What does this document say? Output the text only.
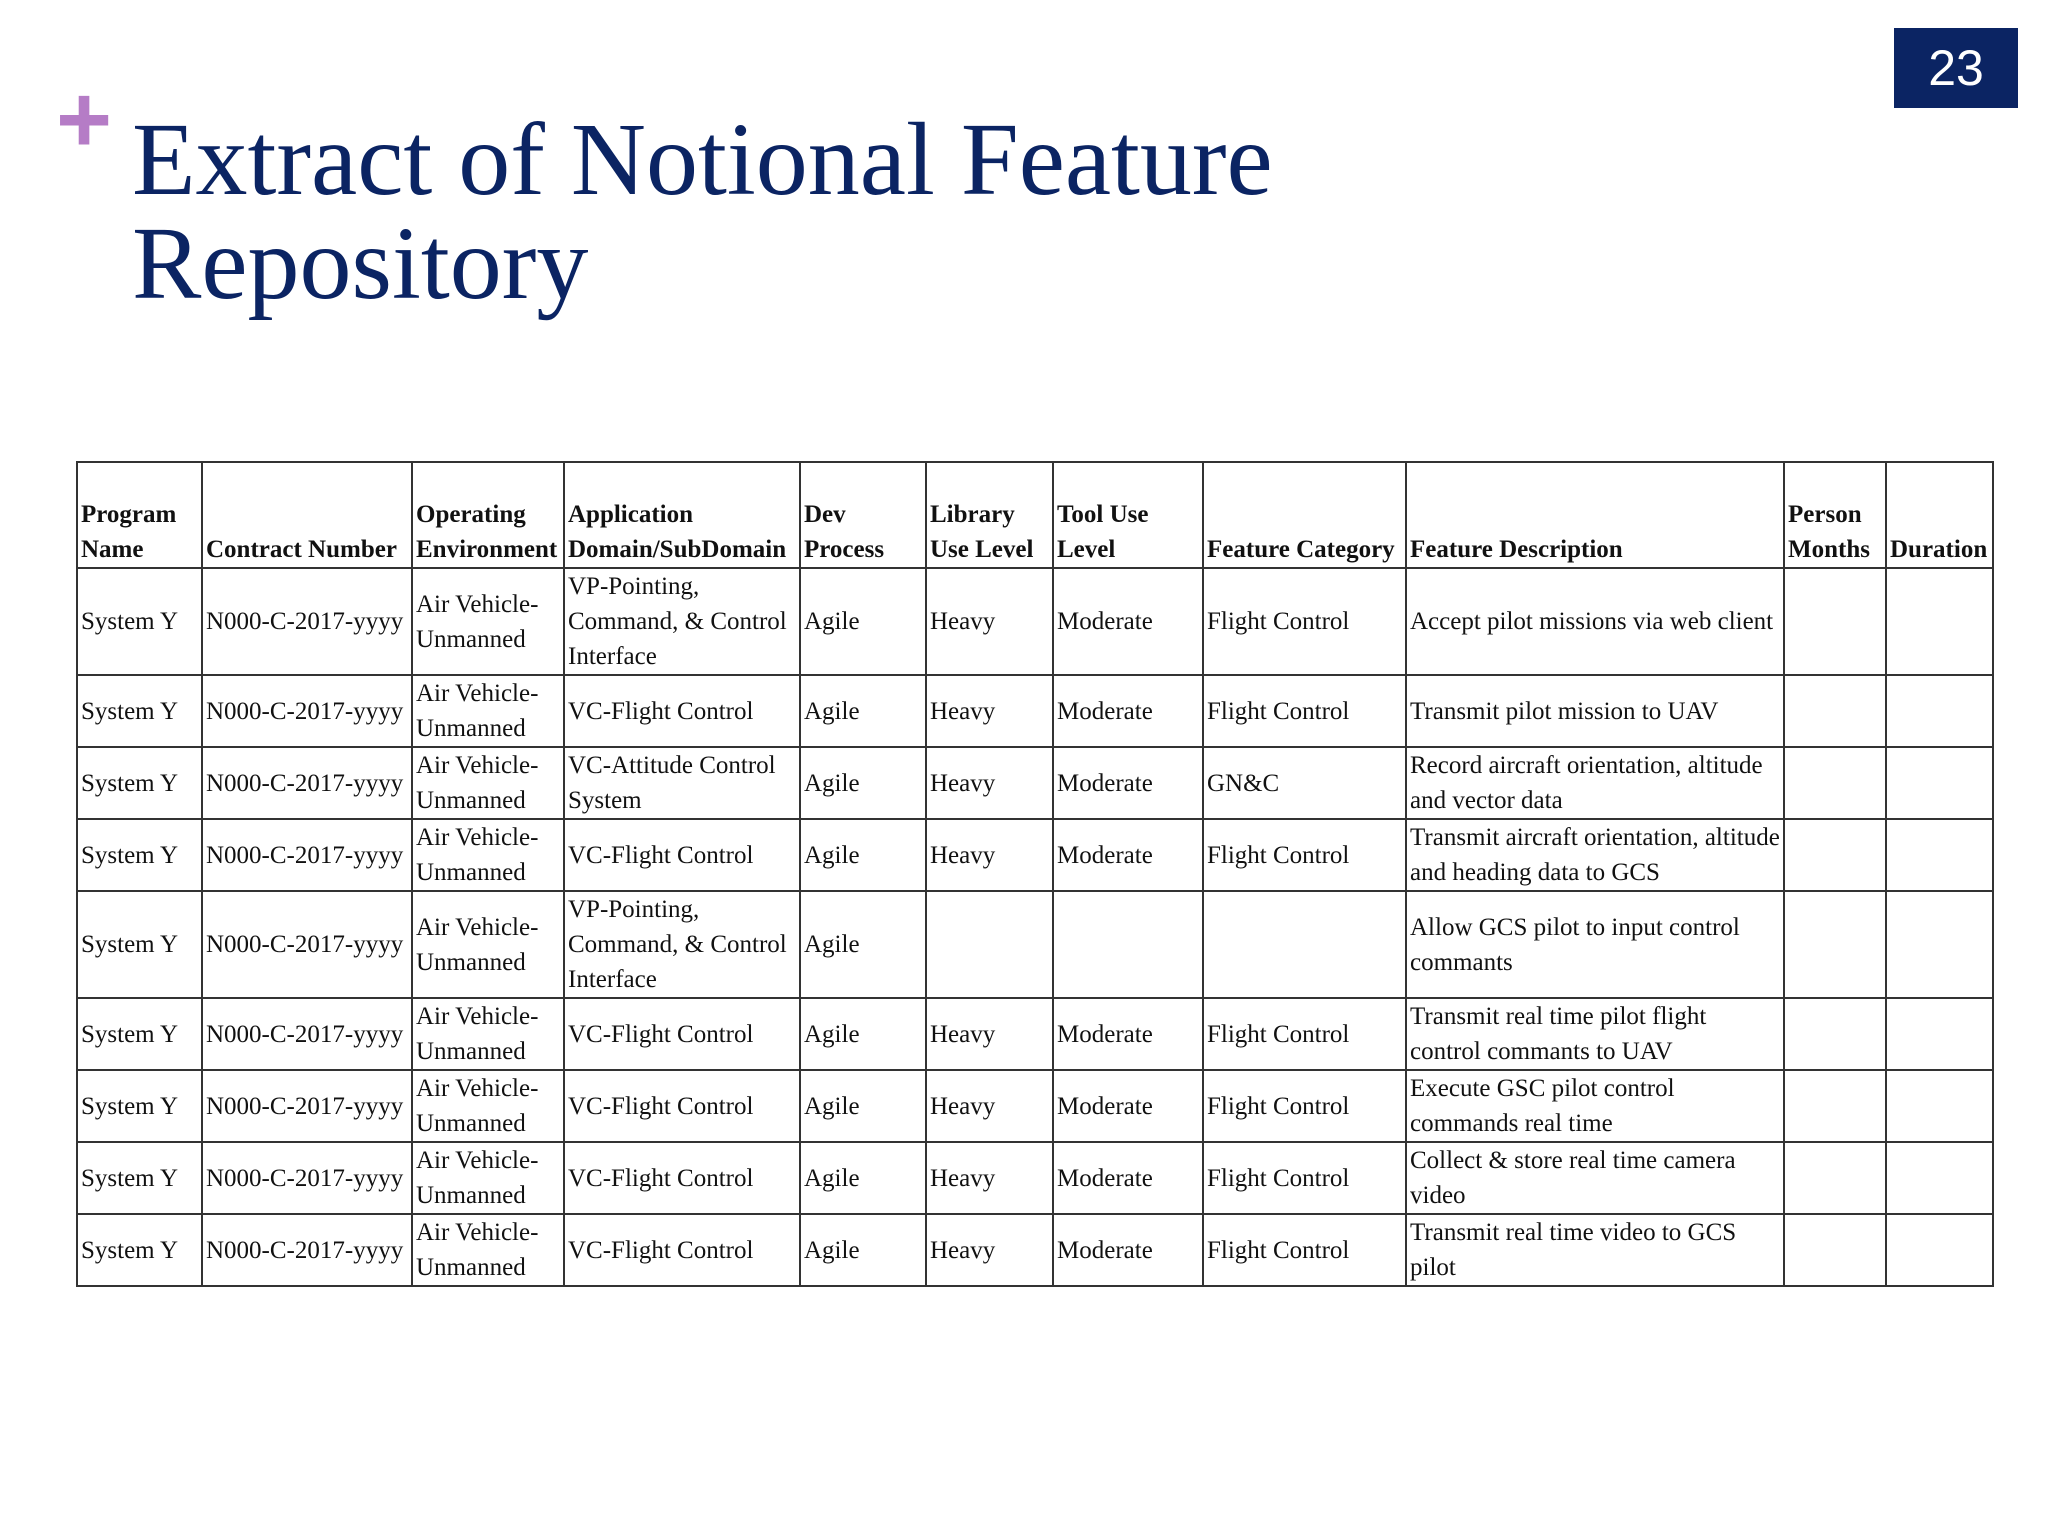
+ Extract of Notional Feature Repository
23
Program Name	Contract Number	Operating Environment	Application Domain/SubDomain	Dev Process	Library Use Level	Tool Use Level	Feature Category	Feature Description	Person Months	Duration
System Y	N000-C-2017-yyyy	Air Vehicle-Unmanned	VP-Pointing, Command, & Control Interface	Agile	Heavy	Moderate	Flight Control	Accept pilot missions via web client		
System Y	N000-C-2017-yyyy	Air Vehicle-Unmanned	VC-Flight Control	Agile	Heavy	Moderate	Flight Control	Transmit pilot mission to UAV		
System Y	N000-C-2017-yyyy	Air Vehicle-Unmanned	VC-Attitude Control System	Agile	Heavy	Moderate	GN&C	Record aircraft orientation, altitude and vector data		
System Y	N000-C-2017-yyyy	Air Vehicle-Unmanned	VC-Flight Control	Agile	Heavy	Moderate	Flight Control	Transmit aircraft orientation, altitude and heading data to GCS		
System Y	N000-C-2017-yyyy	Air Vehicle-Unmanned	VP-Pointing, Command, & Control Interface	Agile				Allow GCS pilot to input control commants		
System Y	N000-C-2017-yyyy	Air Vehicle-Unmanned	VC-Flight Control	Agile	Heavy	Moderate	Flight Control	Transmit real time pilot flight control commants to UAV		
System Y	N000-C-2017-yyyy	Air Vehicle-Unmanned	VC-Flight Control	Agile	Heavy	Moderate	Flight Control	Execute GSC pilot control commands real time		
System Y	N000-C-2017-yyyy	Air Vehicle-Unmanned	VC-Flight Control	Agile	Heavy	Moderate	Flight Control	Collect & store real time camera video		
System Y	N000-C-2017-yyyy	Air Vehicle-Unmanned	VC-Flight Control	Agile	Heavy	Moderate	Flight Control	Transmit real time video to GCS pilot		
